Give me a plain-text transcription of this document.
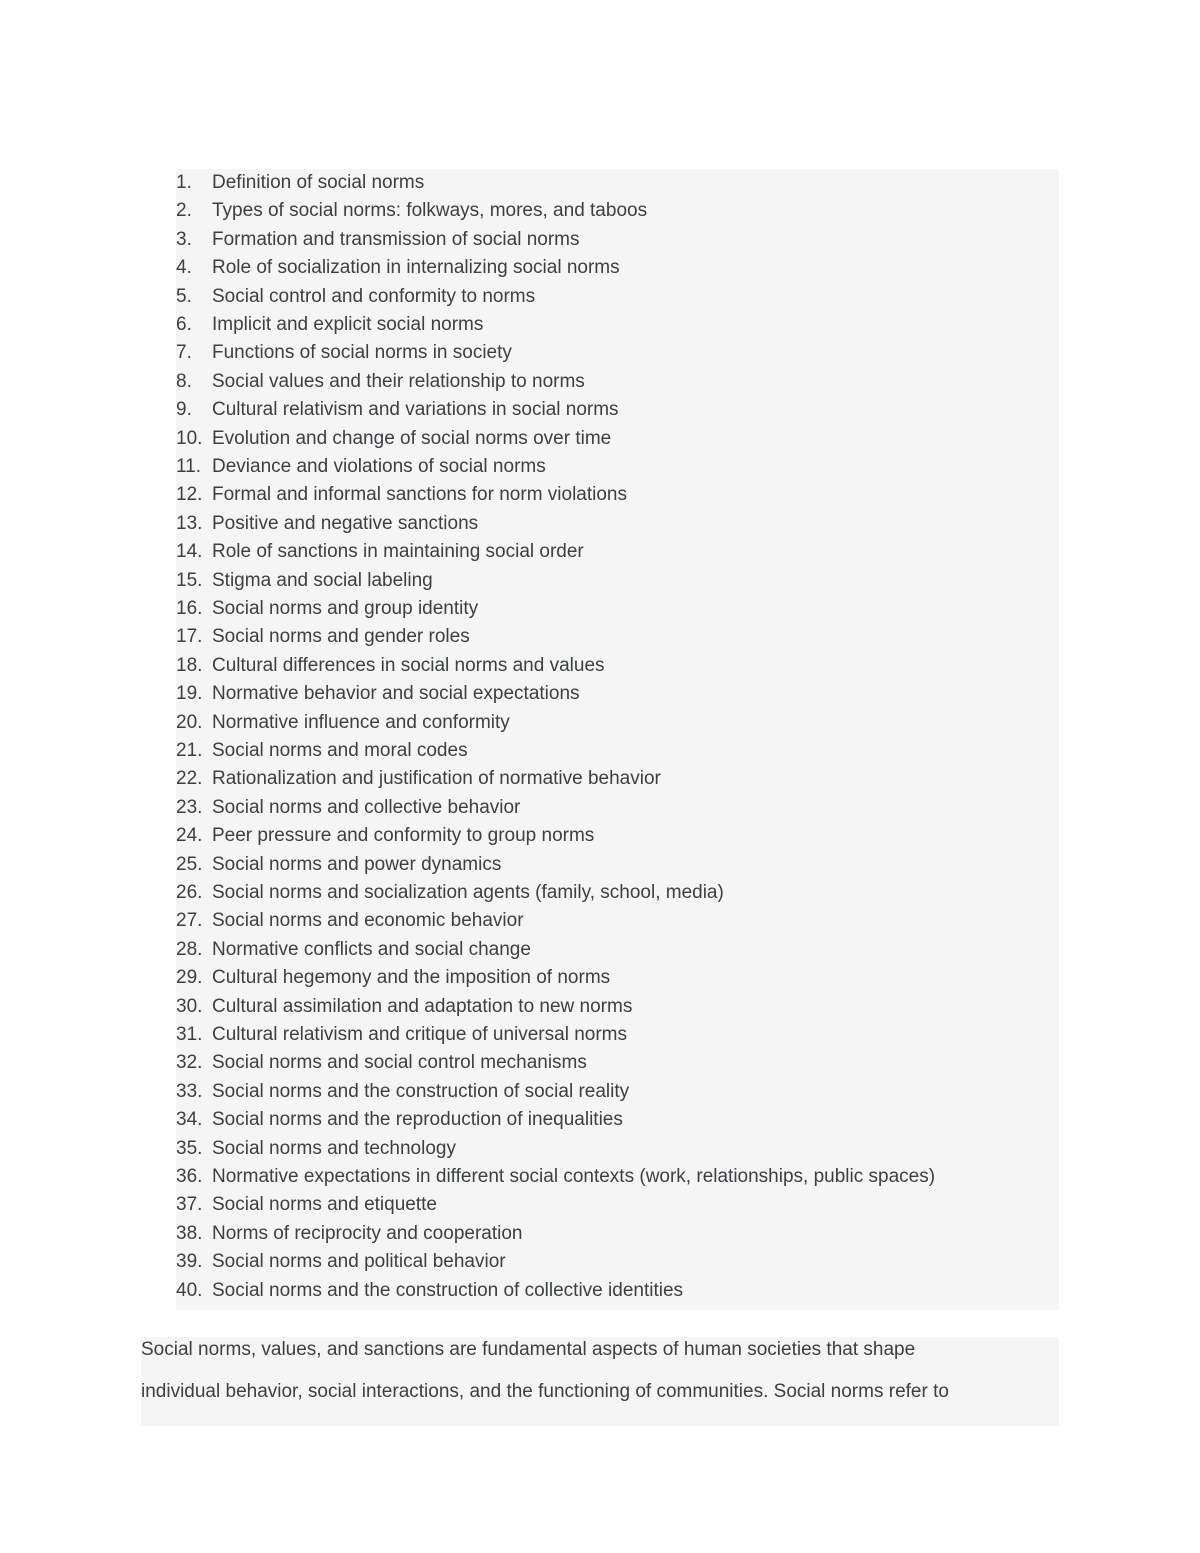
1. Definition of social norms
2. Types of social norms: folkways, mores, and taboos
3. Formation and transmission of social norms
4. Role of socialization in internalizing social norms
5. Social control and conformity to norms
6. Implicit and explicit social norms
7. Functions of social norms in society
8. Social values and their relationship to norms
9. Cultural relativism and variations in social norms
10. Evolution and change of social norms over time
11. Deviance and violations of social norms
12. Formal and informal sanctions for norm violations
13. Positive and negative sanctions
14. Role of sanctions in maintaining social order
15. Stigma and social labeling
16. Social norms and group identity
17. Social norms and gender roles
18. Cultural differences in social norms and values
19. Normative behavior and social expectations
20. Normative influence and conformity
21. Social norms and moral codes
22. Rationalization and justification of normative behavior
23. Social norms and collective behavior
24. Peer pressure and conformity to group norms
25. Social norms and power dynamics
26. Social norms and socialization agents (family, school, media)
27. Social norms and economic behavior
28. Normative conflicts and social change
29. Cultural hegemony and the imposition of norms
30. Cultural assimilation and adaptation to new norms
31. Cultural relativism and critique of universal norms
32. Social norms and social control mechanisms
33. Social norms and the construction of social reality
34. Social norms and the reproduction of inequalities
35. Social norms and technology
36. Normative expectations in different social contexts (work, relationships, public spaces)
37. Social norms and etiquette
38. Norms of reciprocity and cooperation
39. Social norms and political behavior
40. Social norms and the construction of collective identities
Social norms, values, and sanctions are fundamental aspects of human societies that shape
individual behavior, social interactions, and the functioning of communities. Social norms refer to
